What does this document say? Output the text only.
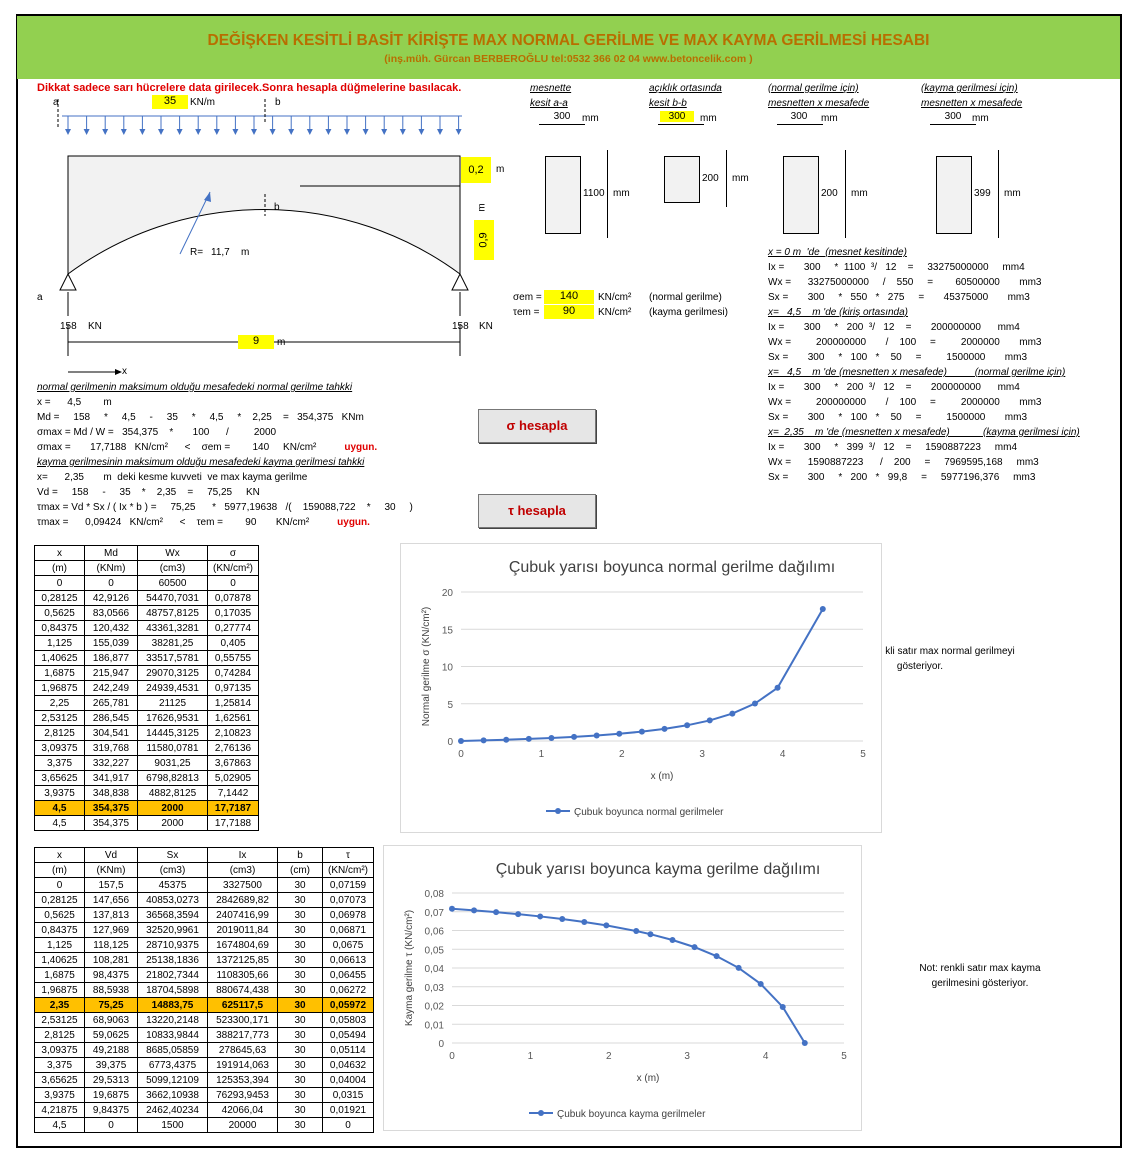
DEĞİŞKEN KESİTLİ BASİT KİRİŞTE MAX NORMAL GERİLME VE MAX KAYMA GERİLMESİ HESABI
(inş.müh. Gürcan BERBEROĞLU tel:0532 366 02 04 www.betoncelik.com )
Dikkat sadece sarı hücrelere data girilecek.Sonra hesapla düğmelerine basılacak.
a	b
35	KN/m
0,2	m
0,9
m
b
R= 11,7 m
a
158 KN	158 KN
9	m
x
mesnette
kesit a-a
300	mm
1100 mm
açıklık ortasında
kesit b-b
300	mm
200 mm
(normal gerilme için)
mesnetten x mesafede
300	mm
200 mm
(kayma gerilmesi için)
mesnetten x mesafede
300	mm
399 mm
σem =	140	KN/cm² (normal gerilme)
τem =	90	KN/cm² (kayma gerilmesi)
x = 0 m  'de  (mesnet kesitinde)
Ix =       300     *  1100  ³/   12    =     33275000000     mm4
Wx =      33275000000     /    550     =        60500000       mm3
Sx =       300     *   550   *   275     =       45375000       mm3
x=   4,5    m 'de (kiriş ortasında)
Ix =       300     *   200  ³/   12    =       200000000      mm4
Wx =         200000000       /    100     =         2000000       mm3
Sx =       300     *   100   *    50     =         1500000       mm3
x=   4,5    m 'de (mesnetten x mesafede)          (normal gerilme için)
Ix =       300     *   200  ³/   12    =       200000000      mm4
Wx =         200000000       /    100     =         2000000       mm3
Sx =       300     *   100   *    50     =         1500000       mm3
x=  2,35    m 'de (mesnetten x mesafede)            (kayma gerilmesi için)
Ix =       300     *   399  ³/   12    =     1590887223     mm4
Wx =      1590887223      /    200     =     7969595,168     mm3
Sx =       300     *   200   *   99,8     =     5977196,376     mm3
normal gerilmenin maksimum olduğu mesafedeki normal gerilme tahkki
x =      4,5        m
Md =     158     *     4,5     -     35     *     4,5     *    2,25    =   354,375   KNm
σmax = Md / W =   354,375    *       100      /         2000
σmax =       17,7188   KN/cm²      <    σem =        140     KN/cm²	uygun.
kayma gerilmesinin maksimum olduğu mesafedeki kayma gerilmesi tahkki
x=      2,35       m  deki kesme kuvveti  ve max kayma gerilme
Vd =     158     -     35    *    2,35    =     75,25     KN
τmax = Vd * Sx / ( Ix * b ) =     75,25      *   5977,19638   /(    159088,722    *     30     )
τmax =      0,09424   KN/cm²      <    τem =        90       KN/cm²	uygun.
σ hesapla
τ hesapla
x	Md	Wx	σ
(m)	(KNm)	(cm3)	(KN/cm²)
0	0	60500	0
0,28125	42,9126	54470,7031	0,07878
0,5625	83,0566	48757,8125	0,17035
0,84375	120,432	43361,3281	0,27774
1,125	155,039	38281,25	0,405
1,40625	186,877	33517,5781	0,55755
1,6875	215,947	29070,3125	0,74284
1,96875	242,249	24939,4531	0,97135
2,25	265,781	21125	1,25814
2,53125	286,545	17626,9531	1,62561
2,8125	304,541	14445,3125	2,10823
3,09375	319,768	11580,0781	2,76136
3,375	332,227	9031,25	3,67863
3,65625	341,917	6798,82813	5,02905
3,9375	348,838	4882,8125	7,1442
4,5	354,375	2000	17,7187
4,5	354,375	2000	17,7188
x	Vd	Sx	Ix	b	τ
(m)	(KNm)	(cm3)	(cm3)	(cm)	(KN/cm²)
0	157,5	45375	3327500	30	0,07159
0,28125	147,656	40853,0273	2842689,82	30	0,07073
0,5625	137,813	36568,3594	2407416,99	30	0,06978
0,84375	127,969	32520,9961	2019011,84	30	0,06871
1,125	118,125	28710,9375	1674804,69	30	0,0675
1,40625	108,281	25138,1836	1372125,85	30	0,06613
1,6875	98,4375	21802,7344	1108305,66	30	0,06455
1,96875	88,5938	18704,5898	880674,438	30	0,06272
2,35	75,25	14883,75	625117,5	30	0,05972
2,53125	68,9063	13220,2148	523300,171	30	0,05803
2,8125	59,0625	10833,9844	388217,773	30	0,05494
3,09375	49,2188	8685,05859	278645,63	30	0,05114
3,375	39,375	6773,4375	191914,063	30	0,04632
3,65625	29,5313	5099,12109	125353,394	30	0,04004
3,9375	19,6875	3662,10938	76293,9453	30	0,0315
4,21875	9,84375	2462,40234	42066,04	30	0,01921
4,5	0	1500	20000	30	0
Çubuk yarısı boyunca normal gerilme dağılımı
0
5
10
15
20
0	1	2	3	4	5
x (m)
Normal gerilme σ (KN/cm²)
Çubuk boyunca normal gerilmeler
Çubuk yarısı boyunca kayma gerilme dağılımı
0
0,01
0,02
0,03
0,04
0,05
0,06
0,07
0,08
0	1	2	3	4	5
x (m)
Kayma gerilme τ (KN/cm²)
Çubuk boyunca kayma gerilmeler
kli satır max normal gerilmeyi
gösteriyor.
Not: renkli satır max kayma
gerilmesini gösteriyor.
